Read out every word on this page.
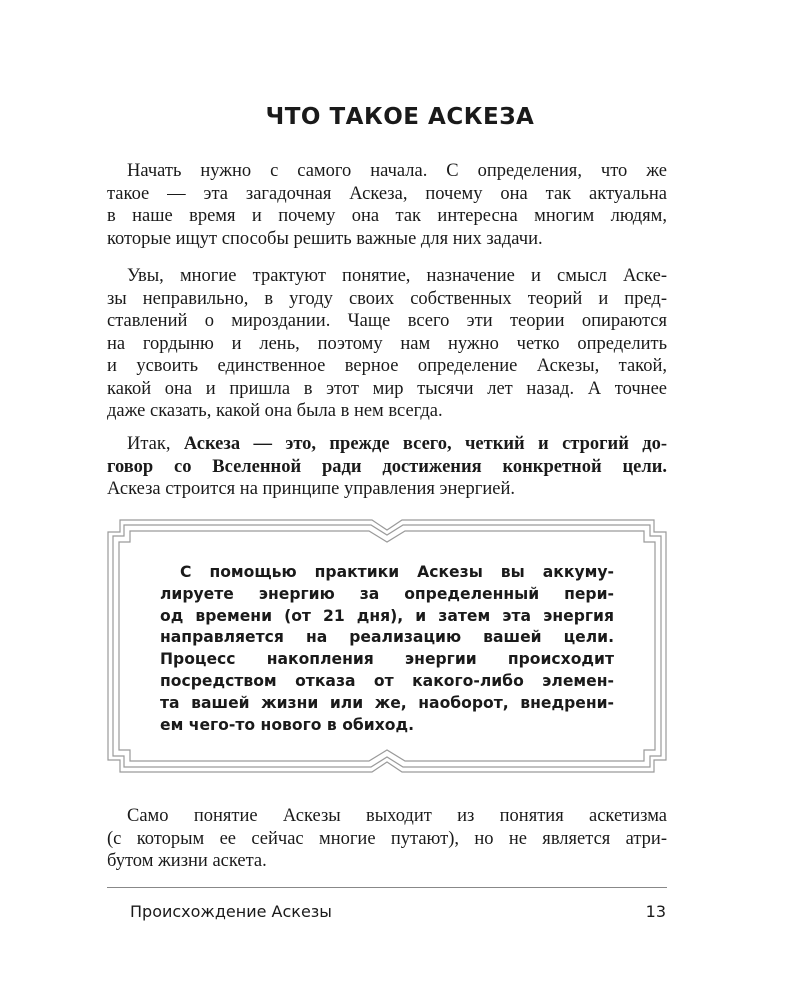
ЧТО ТАКОЕ АСКЕЗА

Начать нужно с самого начала. С определения, что же
такое — эта загадочная Аскеза, почему она так актуальна
в наше время и почему она так интересна многим людям,
которые ищут способы решить важные для них задачи.

Увы, многие трактуют понятие, назначение и смысл Аске-
зы неправильно, в угоду своих собственных теорий и пред-
ставлений о мироздании. Чаще всего эти теории опираются
на гордыню и лень, поэтому нам нужно четко определить
и усвоить единственное верное определение Аскезы, такой,
какой она и пришла в этот мир тысячи лет назад. А точнее
даже сказать, какой она была в нем всегда.

Итак, Аскеза — это, прежде всего, четкий и строгий до-
говор со Вселенной ради достижения конкретной цели.
Аскеза строится на принципе управления энергией.

С помощью практики Аскезы вы аккуму-
лируете энергию за определенный пери-
од времени (от 21 дня), и затем эта энергия
направляется на реализацию вашей цели.
Процесс накопления энергии происходит
посредством отказа от какого-либо элемен-
та вашей жизни или же, наоборот, внедрени-
ем чего-то нового в обиход.

Само понятие Аскезы выходит из понятия аскетизма
(с которым ее сейчас многие путают), но не является атри-
бутом жизни аскета.

Происхождение Аскезы	13
